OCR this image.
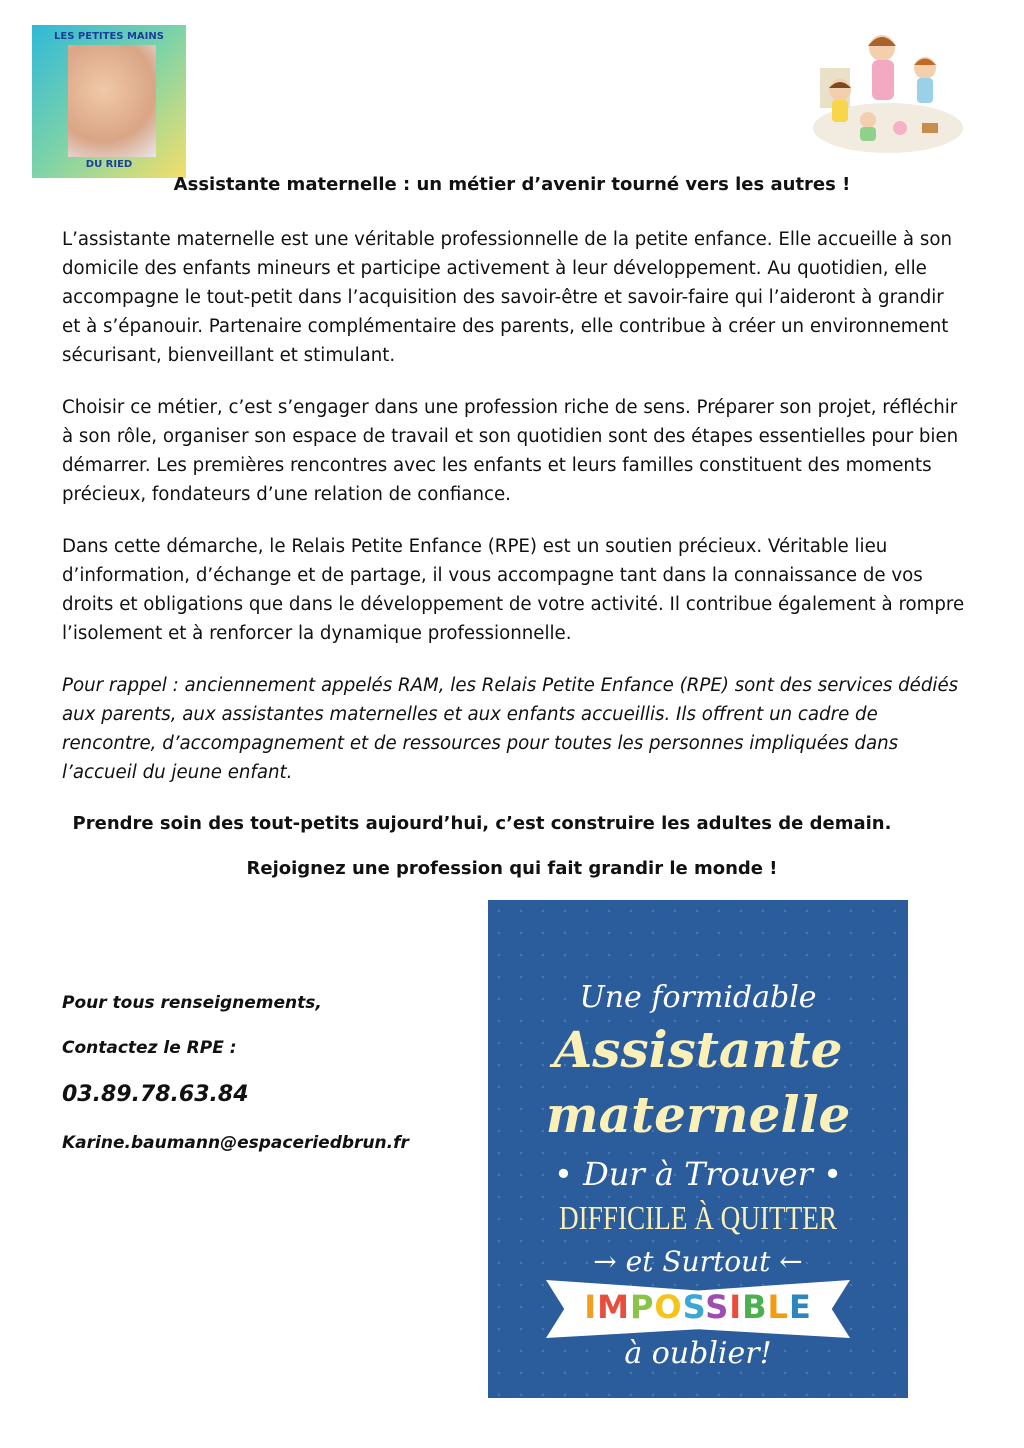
LES PETITES MAINS
DU RIED
Assistante maternelle : un métier d’avenir tourné vers les autres !
L’assistante maternelle est une véritable professionnelle de la petite enfance. Elle accueille à son domicile des enfants mineurs et participe activement à leur développement. Au quotidien, elle accompagne le tout-petit dans l’acquisition des savoir-être et savoir-faire qui l’aideront à grandir et à s’épanouir. Partenaire complémentaire des parents, elle contribue à créer un environnement sécurisant, bienveillant et stimulant.
Choisir ce métier, c’est s’engager dans une profession riche de sens. Préparer son projet, réfléchir à son rôle, organiser son espace de travail et son quotidien sont des étapes essentielles pour bien démarrer. Les premières rencontres avec les enfants et leurs familles constituent des moments précieux, fondateurs d’une relation de confiance.
Dans cette démarche, le Relais Petite Enfance (RPE) est un soutien précieux. Véritable lieu d’information, d’échange et de partage, il vous accompagne tant dans la connaissance de vos droits et obligations que dans le développement de votre activité. Il contribue également à rompre l’isolement et à renforcer la dynamique professionnelle.
Pour rappel : anciennement appelés RAM, les Relais Petite Enfance (RPE) sont des services dédiés aux parents, aux assistantes maternelles et aux enfants accueillis. Ils offrent un cadre de rencontre, d’accompagnement et de ressources pour toutes les personnes impliquées dans l’accueil du jeune enfant.
Prendre soin des tout-petits aujourd’hui, c’est construire les adultes de demain.
Rejoignez une profession qui fait grandir le monde !
Pour tous renseignements,
Contactez le RPE :
03.89.78.63.84
Karine.baumann@espaceriedbrun.fr
Une formidable
Assistante
maternelle
• Dur à Trouver •
DIFFICILE À QUITTER
→ et Surtout ←
IMPOSSIBLE
à oublier!
